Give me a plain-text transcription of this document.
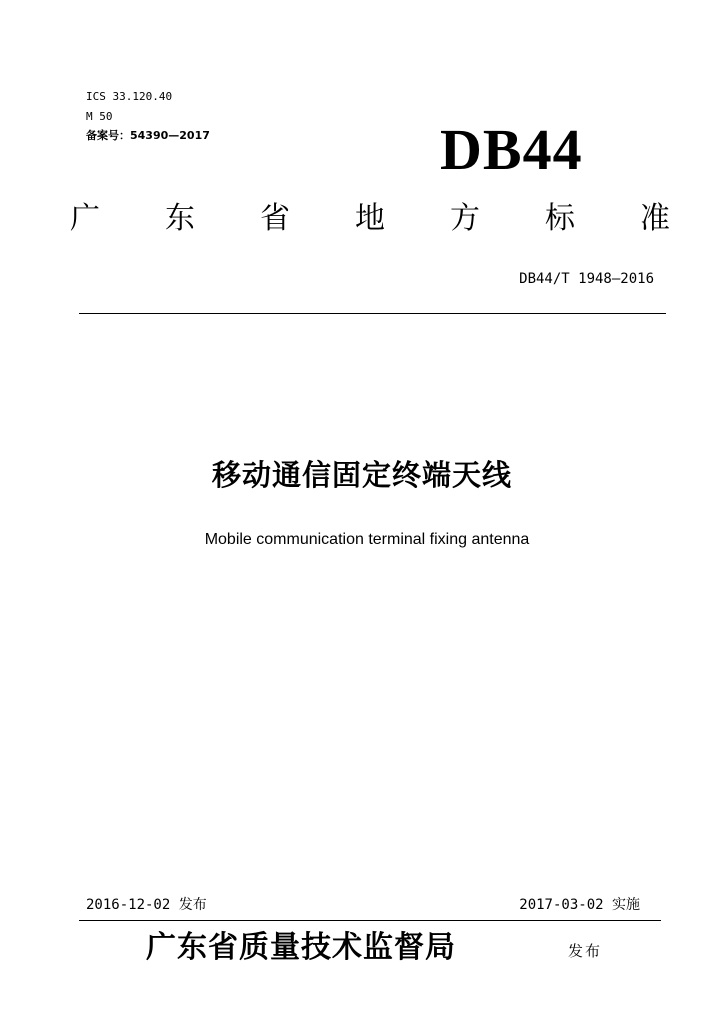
ICS 33.120.40
M 50
备案号：54390—2017	DB44
广 东 省 地 方 标 准
DB44/T 1948—2016
移动通信固定终端天线
Mobile communication terminal fixing antenna
2016-12-02 发布	2017-03-02 实施
广东省质量技术监督局	发布
